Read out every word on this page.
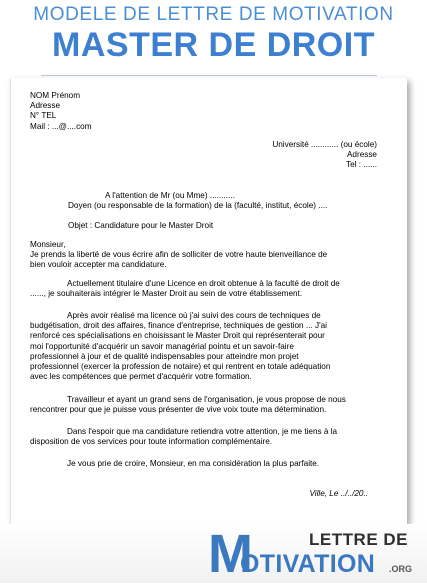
MODELE DE LETTRE DE MOTIVATION
MASTER DE DROIT
NOM Prénom
Adresse
N° TEL
Mail : ...@....com
Université ............ (ou école)
Adresse
Tel : ......
A l'attention de Mr (ou Mme) ...........
Doyen (ou responsable de la formation) de la (faculté, institut, école) ....
Objet : Candidature pour le Master Droit
Monsieur,
Je prends la liberté de vous écrire afin de solliciter de votre haute bienveillance de
bien vouloir accepter ma candidature.
Actuellement titulaire d'une Licence en droit obtenue à la faculté de droit de
......, je souhaiterais intégrer le Master Droit au sein de votre établissement.
Après avoir réalisé ma licence où j'ai suivi des cours de techniques de
budgétisation, droit des affaires, finance d'entreprise, techniques de gestion ... J'ai
renforcé ces spécialisations en choisissant le Master Droit qui représenterait pour
moi l'opportunité d'acquérir un savoir managérial pointu et un savoir-faire
professionnel à jour et de qualité indispensables pour atteindre mon projet
professionnel (exercer la profession de notaire) et qui rentrent en totale adéquation
avec les compétences que permet d'acquérir votre formation.
Travailleur et ayant un grand sens de l'organisation, je vous propose de nous
rencontrer pour que je puisse vous présenter de vive voix toute ma détermination.
Dans l'espoir que ma candidature retiendra votre attention, je me tiens à la
disposition de vos services pour toute information complémentaire.
Je vous prie de croire, Monsieur, en ma considération la plus parfaite.
Ville, Le ../../20..
LETTRE DE
M
OTIVATION .ORG
